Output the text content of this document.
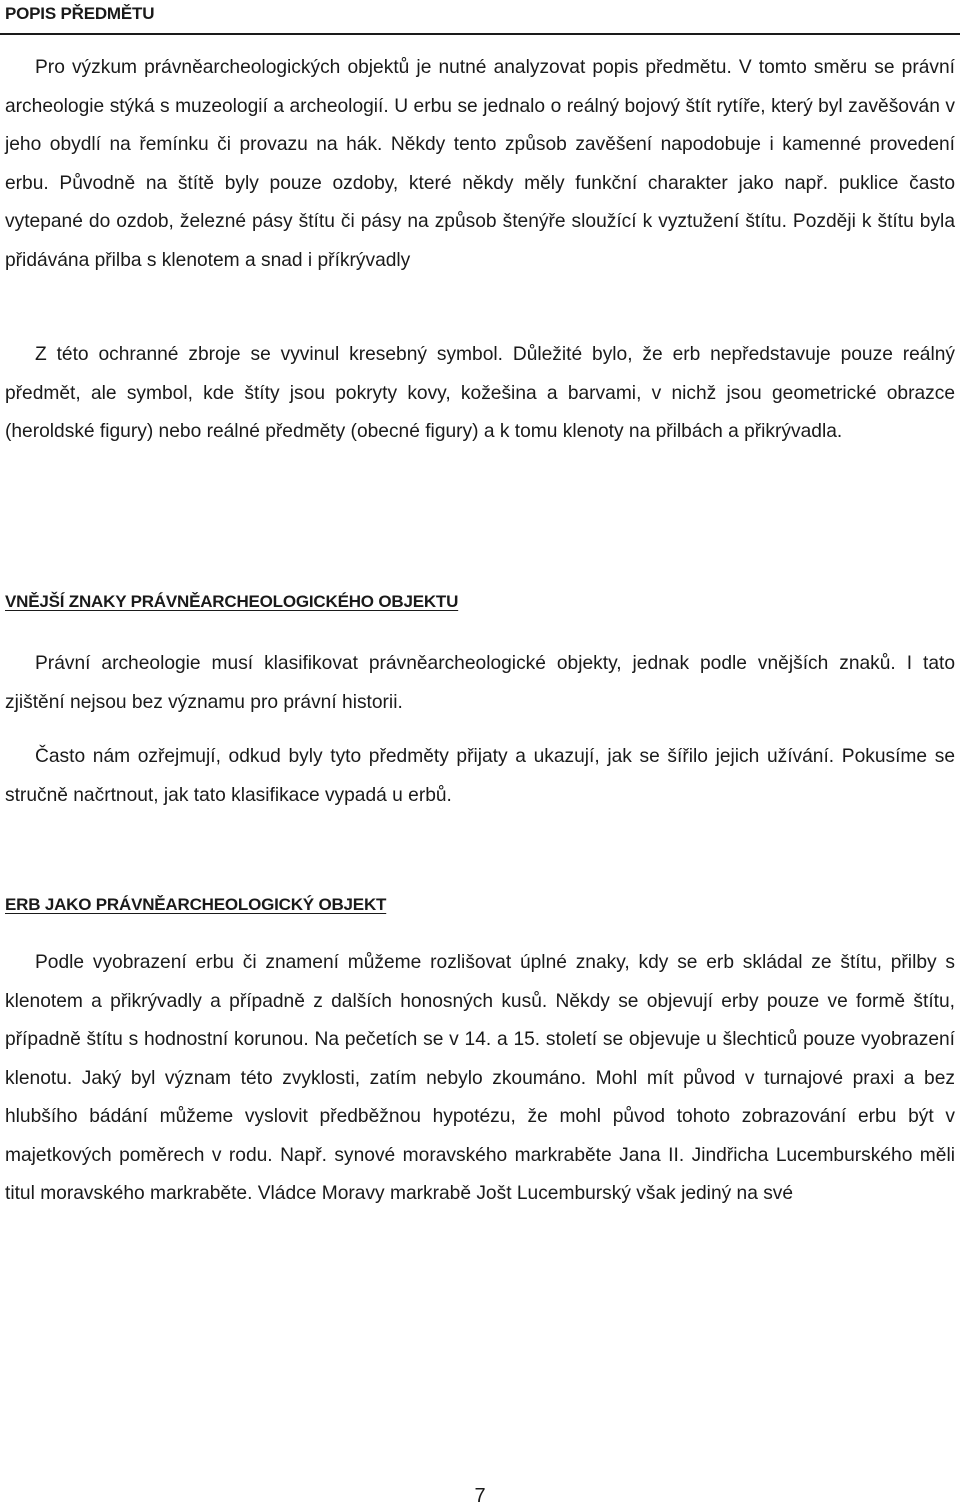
POPIS PŘEDMĚTU

Pro výzkum právněarcheologických objektů je nutné analyzovat popis předmětu. V tomto směru se právní archeologie stýká s muzeologií a archeologií. U erbu se jednalo o reálný bojový štít rytíře, který byl zavěšován v jeho obydlí na řemínku či provazu na hák. Někdy tento způsob zavěšení napodobuje i kamenné provedení erbu. Původně na štítě byly pouze ozdoby, které někdy měly funkční charakter jako např. puklice často vytepané do ozdob, železné pásy štítu či pásy na způsob štenýře sloužící k vyztužení štítu. Později k štítu byla přidávána přilba s klenotem a snad i příkrývadly

Z této ochranné zbroje se vyvinul kresebný symbol. Důležité bylo, že erb nepředstavuje pouze reálný předmět, ale symbol, kde štíty jsou pokryty kovy, kožešina a barvami, v nichž jsou geometrické obrazce (heroldské figury) nebo reálné předměty (obecné figury) a k tomu klenoty na přilbách a přikrývadla.

VNĚJŠÍ ZNAKY PRÁVNĚARCHEOLOGICKÉHO OBJEKTU

Právní archeologie musí klasifikovat právněarcheologické objekty, jednak podle vnějších znaků. I tato zjištění nejsou bez významu pro právní historii.

Často nám ozřejmují, odkud byly tyto předměty přijaty a ukazují, jak se šířilo jejich užívání. Pokusíme se stručně načrtnout, jak tato klasifikace vypadá u erbů.

ERB JAKO PRÁVNĚARCHEOLOGICKÝ OBJEKT

Podle vyobrazení erbu či znamení můžeme rozlišovat úplné znaky, kdy se erb skládal ze štítu, přilby s klenotem a přikrývadly a případně z dalších honosných kusů. Někdy se objevují erby pouze ve formě štítu, případně štítu s hodnostní korunou. Na pečetích se v 14. a 15. století se objevuje u šlechticů pouze vyobrazení klenotu. Jaký byl význam této zvyklosti, zatím nebylo zkoumáno. Mohl mít původ v turnajové praxi a bez hlubšího bádání můžeme vyslovit předběžnou hypotézu, že mohl původ tohoto zobrazování erbu být v majetkových poměrech v rodu. Např. synové moravského markraběte Jana II. Jindřicha Lucemburského měli titul moravského markraběte. Vládce Moravy markrabě Jošt Lucemburský však jediný na své

7
